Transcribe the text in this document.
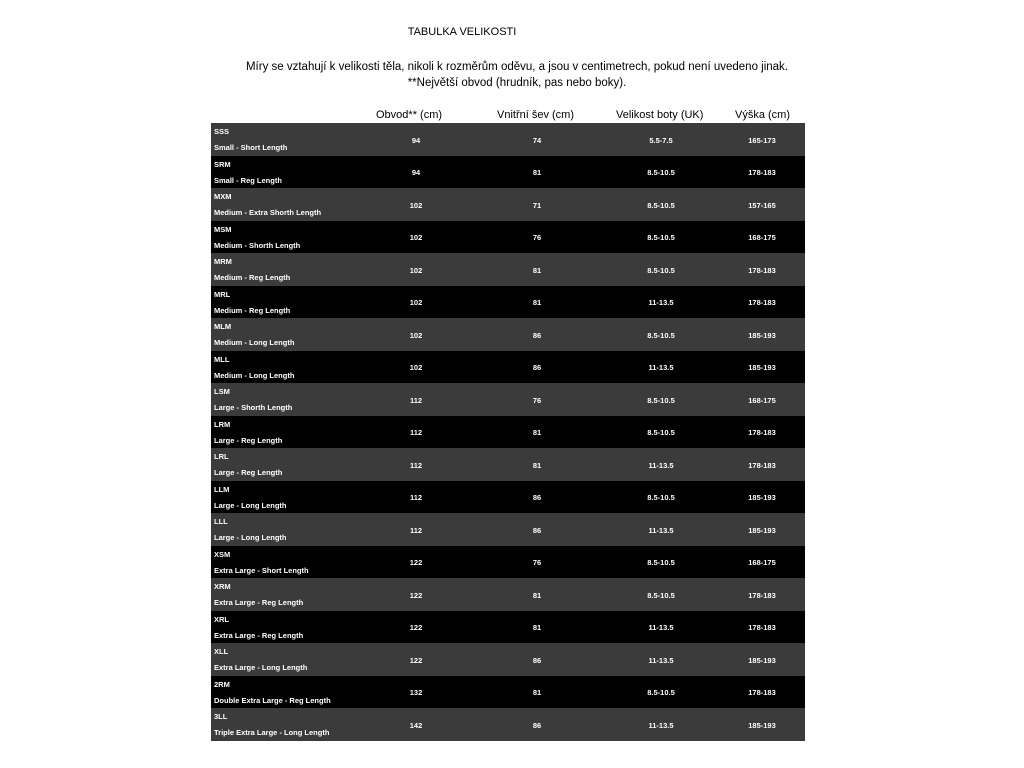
TABULKA VELIKOSTI
Míry se vztahují k velikosti těla, nikoli k rozměrům oděvu, a jsou v centimetrech, pokud není uvedeno jinak.
**Největší obvod (hrudník, pas nebo boky).
Obvod** (cm)	Vnitřní šev (cm)	Velikost boty (UK)	Výška (cm)
SSS
Small - Short Length
94	74	5.5-7.5	165-173
SRM
Small - Reg Length
94	81	8.5-10.5	178-183
MXM
Medium - Extra Shorth Length
102	71	8.5-10.5	157-165
MSM
Medium - Shorth Length
102	76	8.5-10.5	168-175
MRM
Medium - Reg Length
102	81	8.5-10.5	178-183
MRL
Medium - Reg Length
102	81	11-13.5	178-183
MLM
Medium - Long Length
102	86	8.5-10.5	185-193
MLL
Medium - Long Length
102	86	11-13.5	185-193
LSM
Large - Shorth Length
112	76	8.5-10.5	168-175
LRM
Large - Reg Length
112	81	8.5-10.5	178-183
LRL
Large - Reg Length
112	81	11-13.5	178-183
LLM
Large - Long Length
112	86	8.5-10.5	185-193
LLL
Large - Long Length
112	86	11-13.5	185-193
XSM
Extra Large - Short Length
122	76	8.5-10.5	168-175
XRM
Extra Large - Reg Length
122	81	8.5-10.5	178-183
XRL
Extra Large - Reg Length
122	81	11-13.5	178-183
XLL
Extra Large - Long Length
122	86	11-13.5	185-193
2RM
Double Extra Large - Reg Length
132	81	8.5-10.5	178-183
3LL
Triple Extra Large - Long Length
142	86	11-13.5	185-193
